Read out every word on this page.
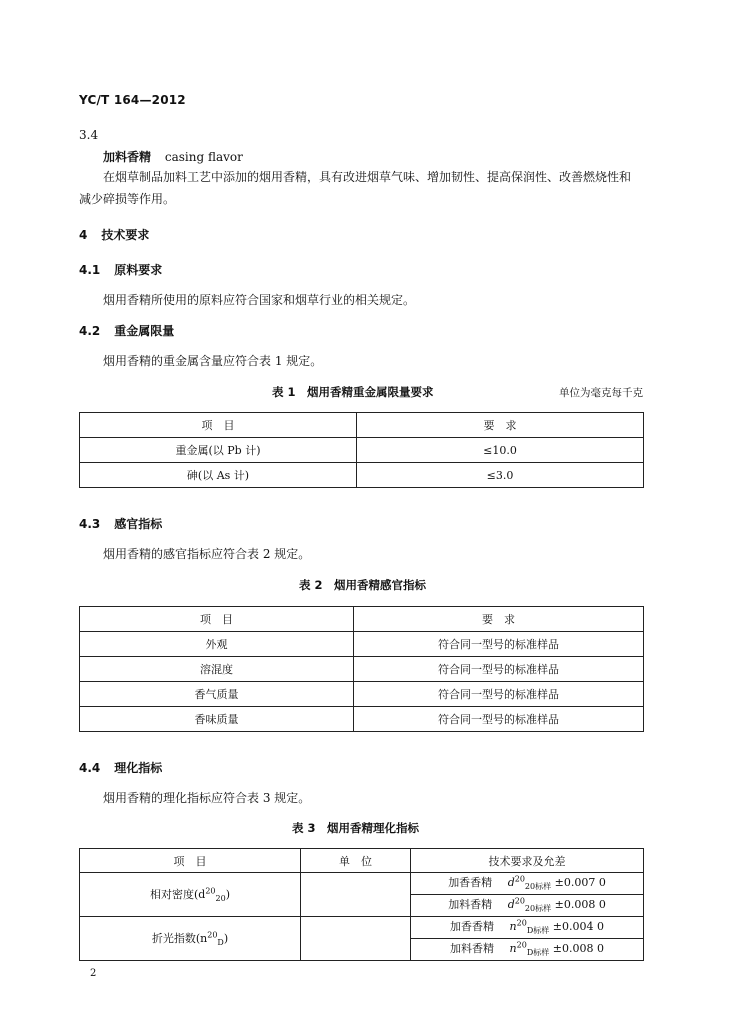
YC/T 164—2012
3.4
加料香精 casing flavor
在烟草制品加料工艺中添加的烟用香精，具有改进烟草气味、增加韧性、提高保润性、改善燃烧性和
减少碎损等作用。
4 技术要求
4.1 原料要求
烟用香精所使用的原料应符合国家和烟草行业的相关规定。
4.2 重金属限量
烟用香精的重金属含量应符合表 1 规定。
表 1　烟用香精重金属限量要求	单位为毫克每千克
项　目	要　求
重金属(以 Pb 计)	≤10.0
砷(以 As 计)	≤3.0
4.3 感官指标
烟用香精的感官指标应符合表 2 规定。
表 2　烟用香精感官指标
项　目	要　求
外观	符合同一型号的标准样品
溶混度	符合同一型号的标准样品
香气质量	符合同一型号的标准样品
香味质量	符合同一型号的标准样品
4.4 理化指标
烟用香精的理化指标应符合表 3 规定。
表 3　烟用香精理化指标
项　目	单　位	技术要求及允差
相对密度$(d^{20}_{20})$		加香香精 $d^{20}_{20标样} \pm 0.007$ 0
		加料香精 $d^{20}_{20标样} \pm 0.008$ 0
折光指数$(n^{20}_D)$		加香香精 $n^{20}_{D标样} \pm 0.004$ 0
		加料香精 $n^{20}_{D标样} \pm 0.008$ 0
2
